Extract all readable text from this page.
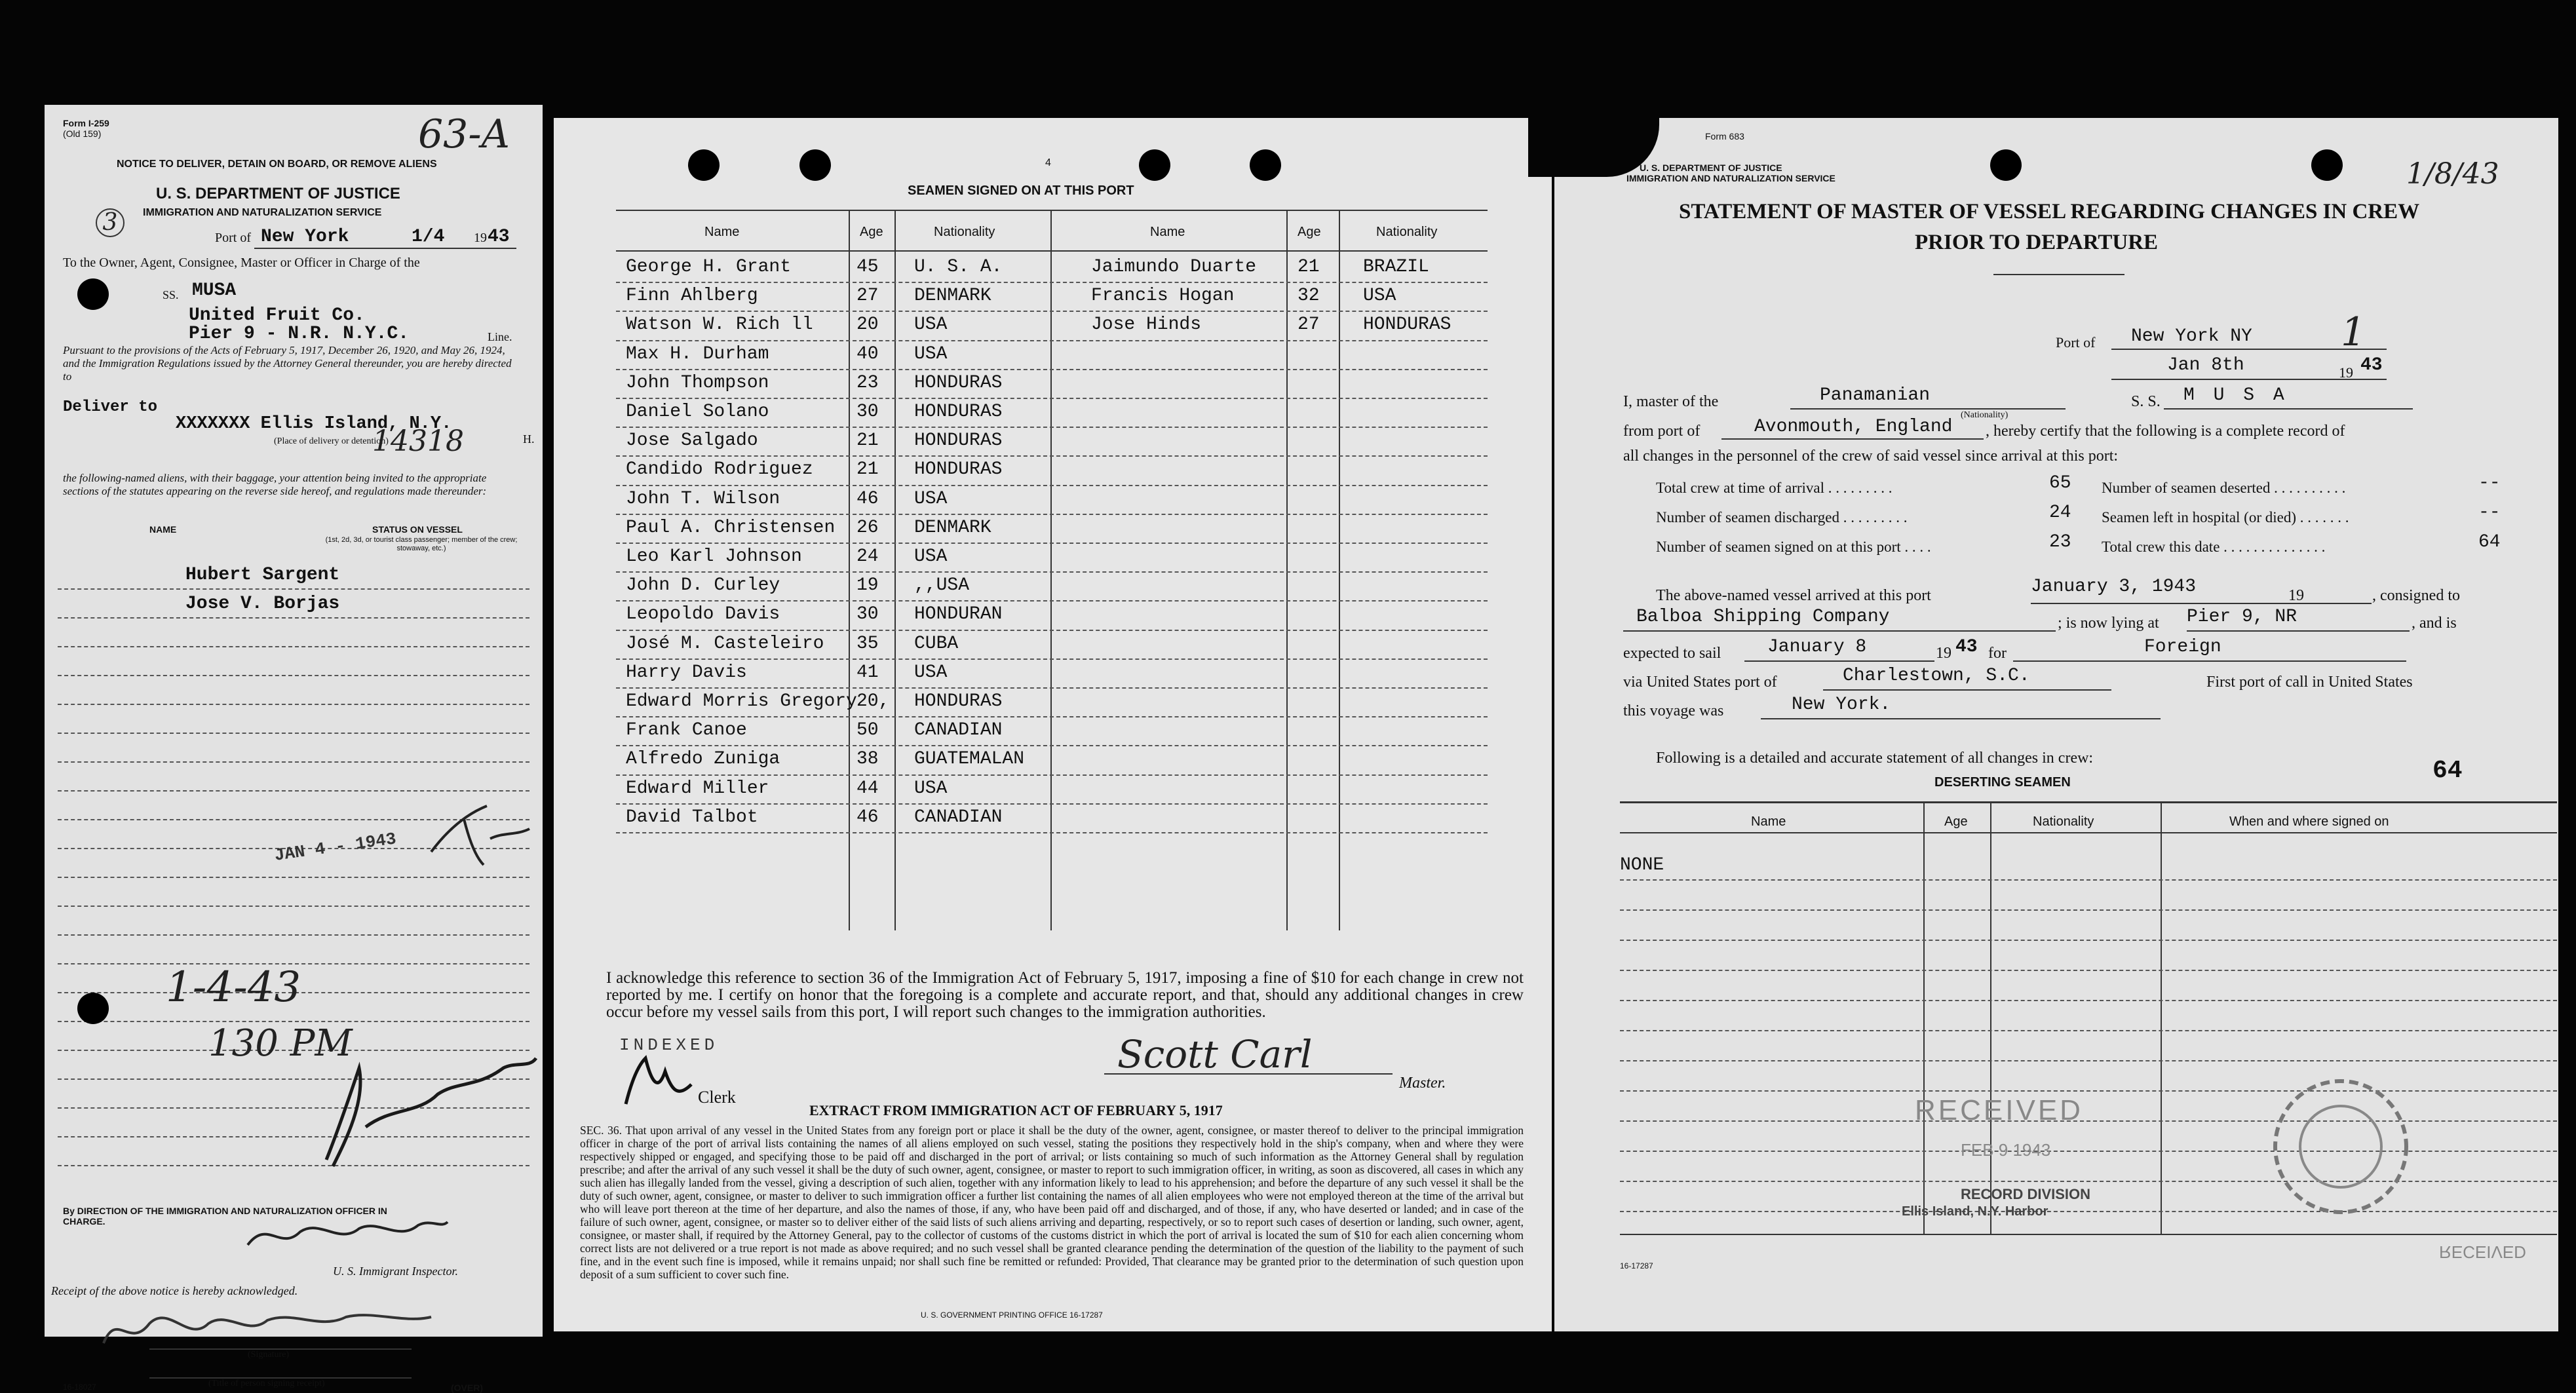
Form I-259
(Old 159)	63-A
NOTICE TO DELIVER, DETAIN ON BOARD, OR REMOVE ALIENS
3
U. S. DEPARTMENT OF JUSTICE
IMMIGRATION AND NATURALIZATION SERVICE
Port of New York	1/4 19 43
To the Owner, Agent, Consignee, Master or Officer in Charge of the
SS. MUSA
United Fruit Co.
Pier 9 - N.R. N.Y.C.	Line.
Pursuant to the provisions of the Acts of February 5, 1917, December 26, 1920, and May 26, 1924, and the Immigration Regulations issued by the Attorney General thereunder, you are hereby directed to
Deliver to
XXXXXXX Ellis Island, N.Y.
(Place of delivery or detention)
14318	H.
the following-named aliens, with their baggage, your attention being invited to the appropriate sections of the statutes appearing on the reverse side hereof, and regulations made thereunder:
NAME	STATUS ON VESSEL
(1st, 2d, 3d, or tourist class passenger; member of the crew; stowaway, etc.)
Hubert Sargent
Jose V. Borjas
JAN 4 - 1943
1-4-43
130 PM
By DIRECTION OF THE IMMIGRATION AND NATURALIZATION OFFICER IN CHARGE.
U. S. Immigrant Inspector.
Receipt of the above notice is hereby acknowledged.
(Signature)
(Title of person signing receipt)
16-18027	(OVER)
4
SEAMEN SIGNED ON AT THIS PORT
Name	Age	Nationality	Name	Age	Nationality
George H. Grant	45 U. S. A.	Jaimundo Duarte 21 BRAZIL
Finn Ahlberg	27 DENMARK	Francis Hogan	32 USA
Watson W. Rich ll 20 USA	Jose Hinds	27 HONDURAS
Max H. Durham	40 USA
John Thompson	23 HONDURAS
Daniel Solano	30 HONDURAS
Jose Salgado	21 HONDURAS
Candido Rodriguez 21 HONDURAS
John T. Wilson	46 USA
Paul A. Christensen 26 DENMARK
Leo Karl Johnson	24 USA
John D. Curley	19 ,,USA
Leopoldo Davis	30 HONDURAN
José M. Casteleiro 35 CUBA
Harry Davis	41 USA
Edward Morris Gregory 20, HONDURAS
Frank Canoe	50 CANADIAN
Alfredo Zuniga	38 GUATEMALAN
Edward Miller	44 USA
David Talbot	46 CANADIAN
I acknowledge this reference to section 36 of the Immigration Act of February 5, 1917, imposing a fine of $10 for each change in crew not reported by me. I certify on honor that the foregoing is a complete and accurate report, and that, should any additional changes in crew occur before my vessel sails from this port, I will report such changes to the immigration authorities.
INDEXED
Clerk
Scott Carl
Master.
EXTRACT FROM IMMIGRATION ACT OF FEBRUARY 5, 1917
SEC. 36. That upon arrival of any vessel in the United States from any foreign port or place it shall be the duty of the owner, agent, consignee, or master thereof to deliver to the principal immigration officer in charge of the port of arrival lists containing the names of all aliens employed on such vessel, stating the positions they respectively hold in the ship's company, when and where they were respectively shipped or engaged, and specifying those to be paid off and discharged in the port of arrival; or lists containing so much of such information as the Attorney General shall by regulation prescribe; and after the arrival of any such vessel it shall be the duty of such owner, agent, consignee, or master to report to such immigration officer, in writing, as soon as discovered, all cases in which any such alien has illegally landed from the vessel, giving a description of such alien, together with any information likely to lead to his apprehension; and before the departure of any such vessel it shall be the duty of such owner, agent, consignee, or master to deliver to such immigration officer a further list containing the names of all alien employees who were not employed thereon at the time of the arrival but who will leave port thereon at the time of her departure, and also the names of those, if any, who have been paid off and discharged, and of those, if any, who have deserted or landed; and in case of the failure of such owner, agent, consignee, or master so to deliver either of the said lists of such aliens arriving and departing, respectively, or so to report such cases of desertion or landing, such owner, agent, consignee, or master shall, if required by the Attorney General, pay to the collector of customs of the customs district in which the port of arrival is located the sum of $10 for each alien concerning whom correct lists are not delivered or a true report is not made as above required; and no such vessel shall be granted clearance pending the determination of the question of the liability to the payment of such fine, and in the event such fine is imposed, while it remains unpaid; nor shall such fine be remitted or refunded: Provided, That clearance may be granted prior to the determination of such question upon deposit of a sum sufficient to cover such fine.
U. S. GOVERNMENT PRINTING OFFICE 16-17287
Form 683
U. S. DEPARTMENT OF JUSTICE
IMMIGRATION AND NATURALIZATION SERVICE	1/8/43
STATEMENT OF MASTER OF VESSEL REGARDING CHANGES IN CREW
PRIOR TO DEPARTURE
Port of New York NY 1
Jan 8th	19 43
I, master of the	Panamanian
(Nationality)
S. S. M U S A
from port of	Avonmouth, England , hereby certify that the following is a complete record of
all changes in the personnel of the crew of said vessel since arrival at this port:
Total crew at time of arrival . . . . . . . . .	65
Number of seamen discharged . . . . . . . . .	24
Number of seamen signed on at this port . . . .	23
Number of seamen deserted . . . . . . . . . .	--
Seamen left in hospital (or died) . . . . . . .	--
Total crew this date . . . . . . . . . . . . . .	64
The above-named vessel arrived at this port	January 3, 1943	19	, consigned to
Balboa Shipping Company	; is now lying at Pier 9, NR	, and is
expected to sail	January 8	19 43 for	Foreign
via United States port of	Charlestown, S.C.	First port of call in United States
this voyage was	New York.
Following is a detailed and accurate statement of all changes in crew:	64
DESERTING SEAMEN
Name	Age	Nationality	When and where signed on
NONE
RECEIVED
FEB 9 1943
RECORD DIVISION
Ellis Island, N.Y. Harbor
RECEIVED
16-17287
